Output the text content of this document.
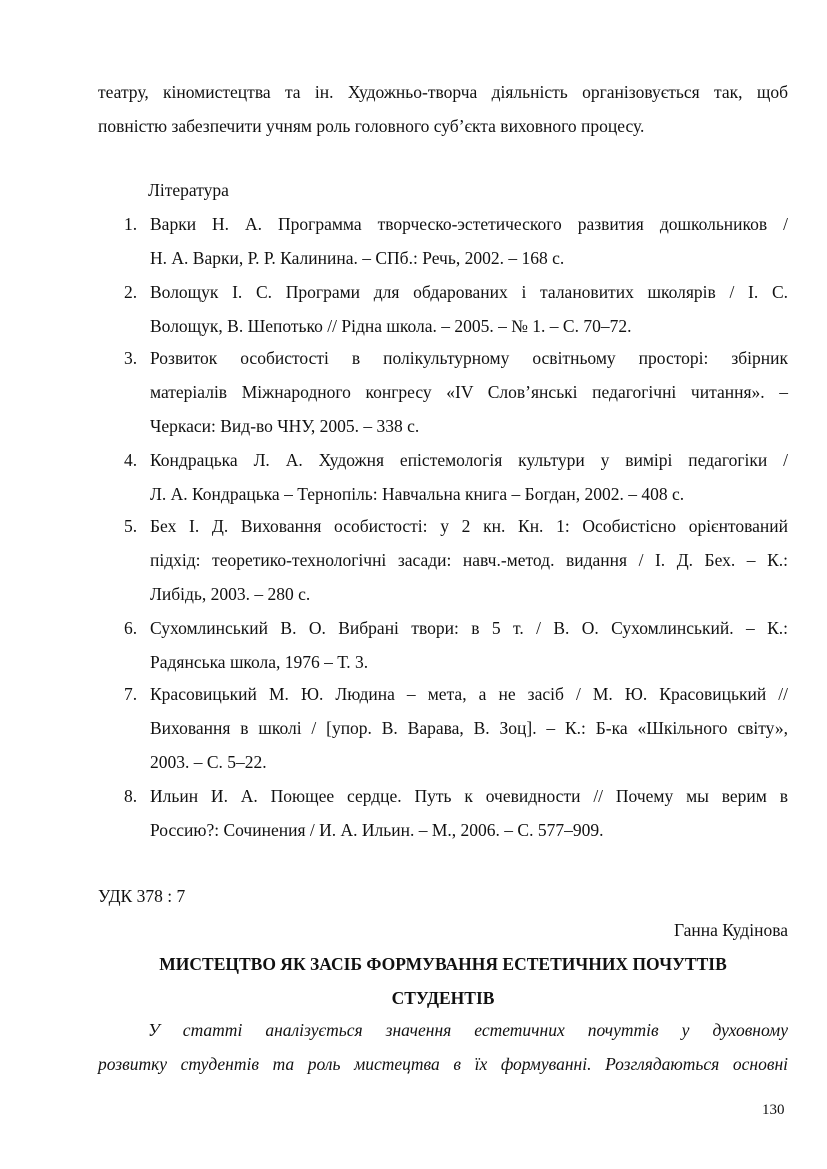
театру, кіномистецтва та ін. Художньо-творча діяльність організовується так, щоб
повністю забезпечити учням роль головного суб’єкта виховного процесу.
Література
1. Варки Н. А. Программа творческо-эстетического развития дошкольников /
Н. А. Варки, Р. Р. Калинина. – СПб.: Речь, 2002. – 168 с.
2. Волощук І. С. Програми для обдарованих і талановитих школярів / І. С.
Волощук, В. Шепотько // Рідна школа. – 2005. – № 1. – С. 70–72.
3. Розвиток особистості в полікультурному освітньому просторі: збірник
матеріалів Міжнародного конгресу «IV Слов’янські педагогічні читання». –
Черкаси: Вид-во ЧНУ, 2005. – 338 с.
4. Кондрацька Л. А. Художня епістемологія культури у вимірі педагогіки /
Л. А. Кондрацька – Тернопіль: Навчальна книга – Богдан, 2002. – 408 с.
5. Бех І. Д. Виховання особистості: у 2 кн. Кн. 1: Особистісно орієнтований
підхід: теоретико-технологічні засади: навч.-метод. видання / І. Д. Бех. – К.:
Либідь, 2003. – 280 с.
6. Сухомлинський В. О. Вибрані твори: в 5 т. / В. О. Сухомлинський. – К.:
Радянська школа, 1976 – Т. 3.
7. Красовицький М. Ю. Людина – мета, а не засіб / М. Ю. Красовицький //
Виховання в школі / [упор. В. Варава, В. Зоц]. – К.: Б-ка «Шкільного світу»,
2003. – С. 5–22.
8. Ильин И. А. Поющее сердце. Путь к очевидности // Почему мы верим в
Россию?: Сочинения / И. А. Ильин. – М., 2006. – С. 577–909.
УДК 378 : 7
Ганна Кудінова
МИСТЕЦТВО ЯК ЗАСІБ ФОРМУВАННЯ ЕСТЕТИЧНИХ ПОЧУТТІВ
СТУДЕНТІВ
У статті аналізується значення естетичних почуттів у духовному
розвитку студентів та роль мистецтва в їх формуванні. Розглядаються основні
130
